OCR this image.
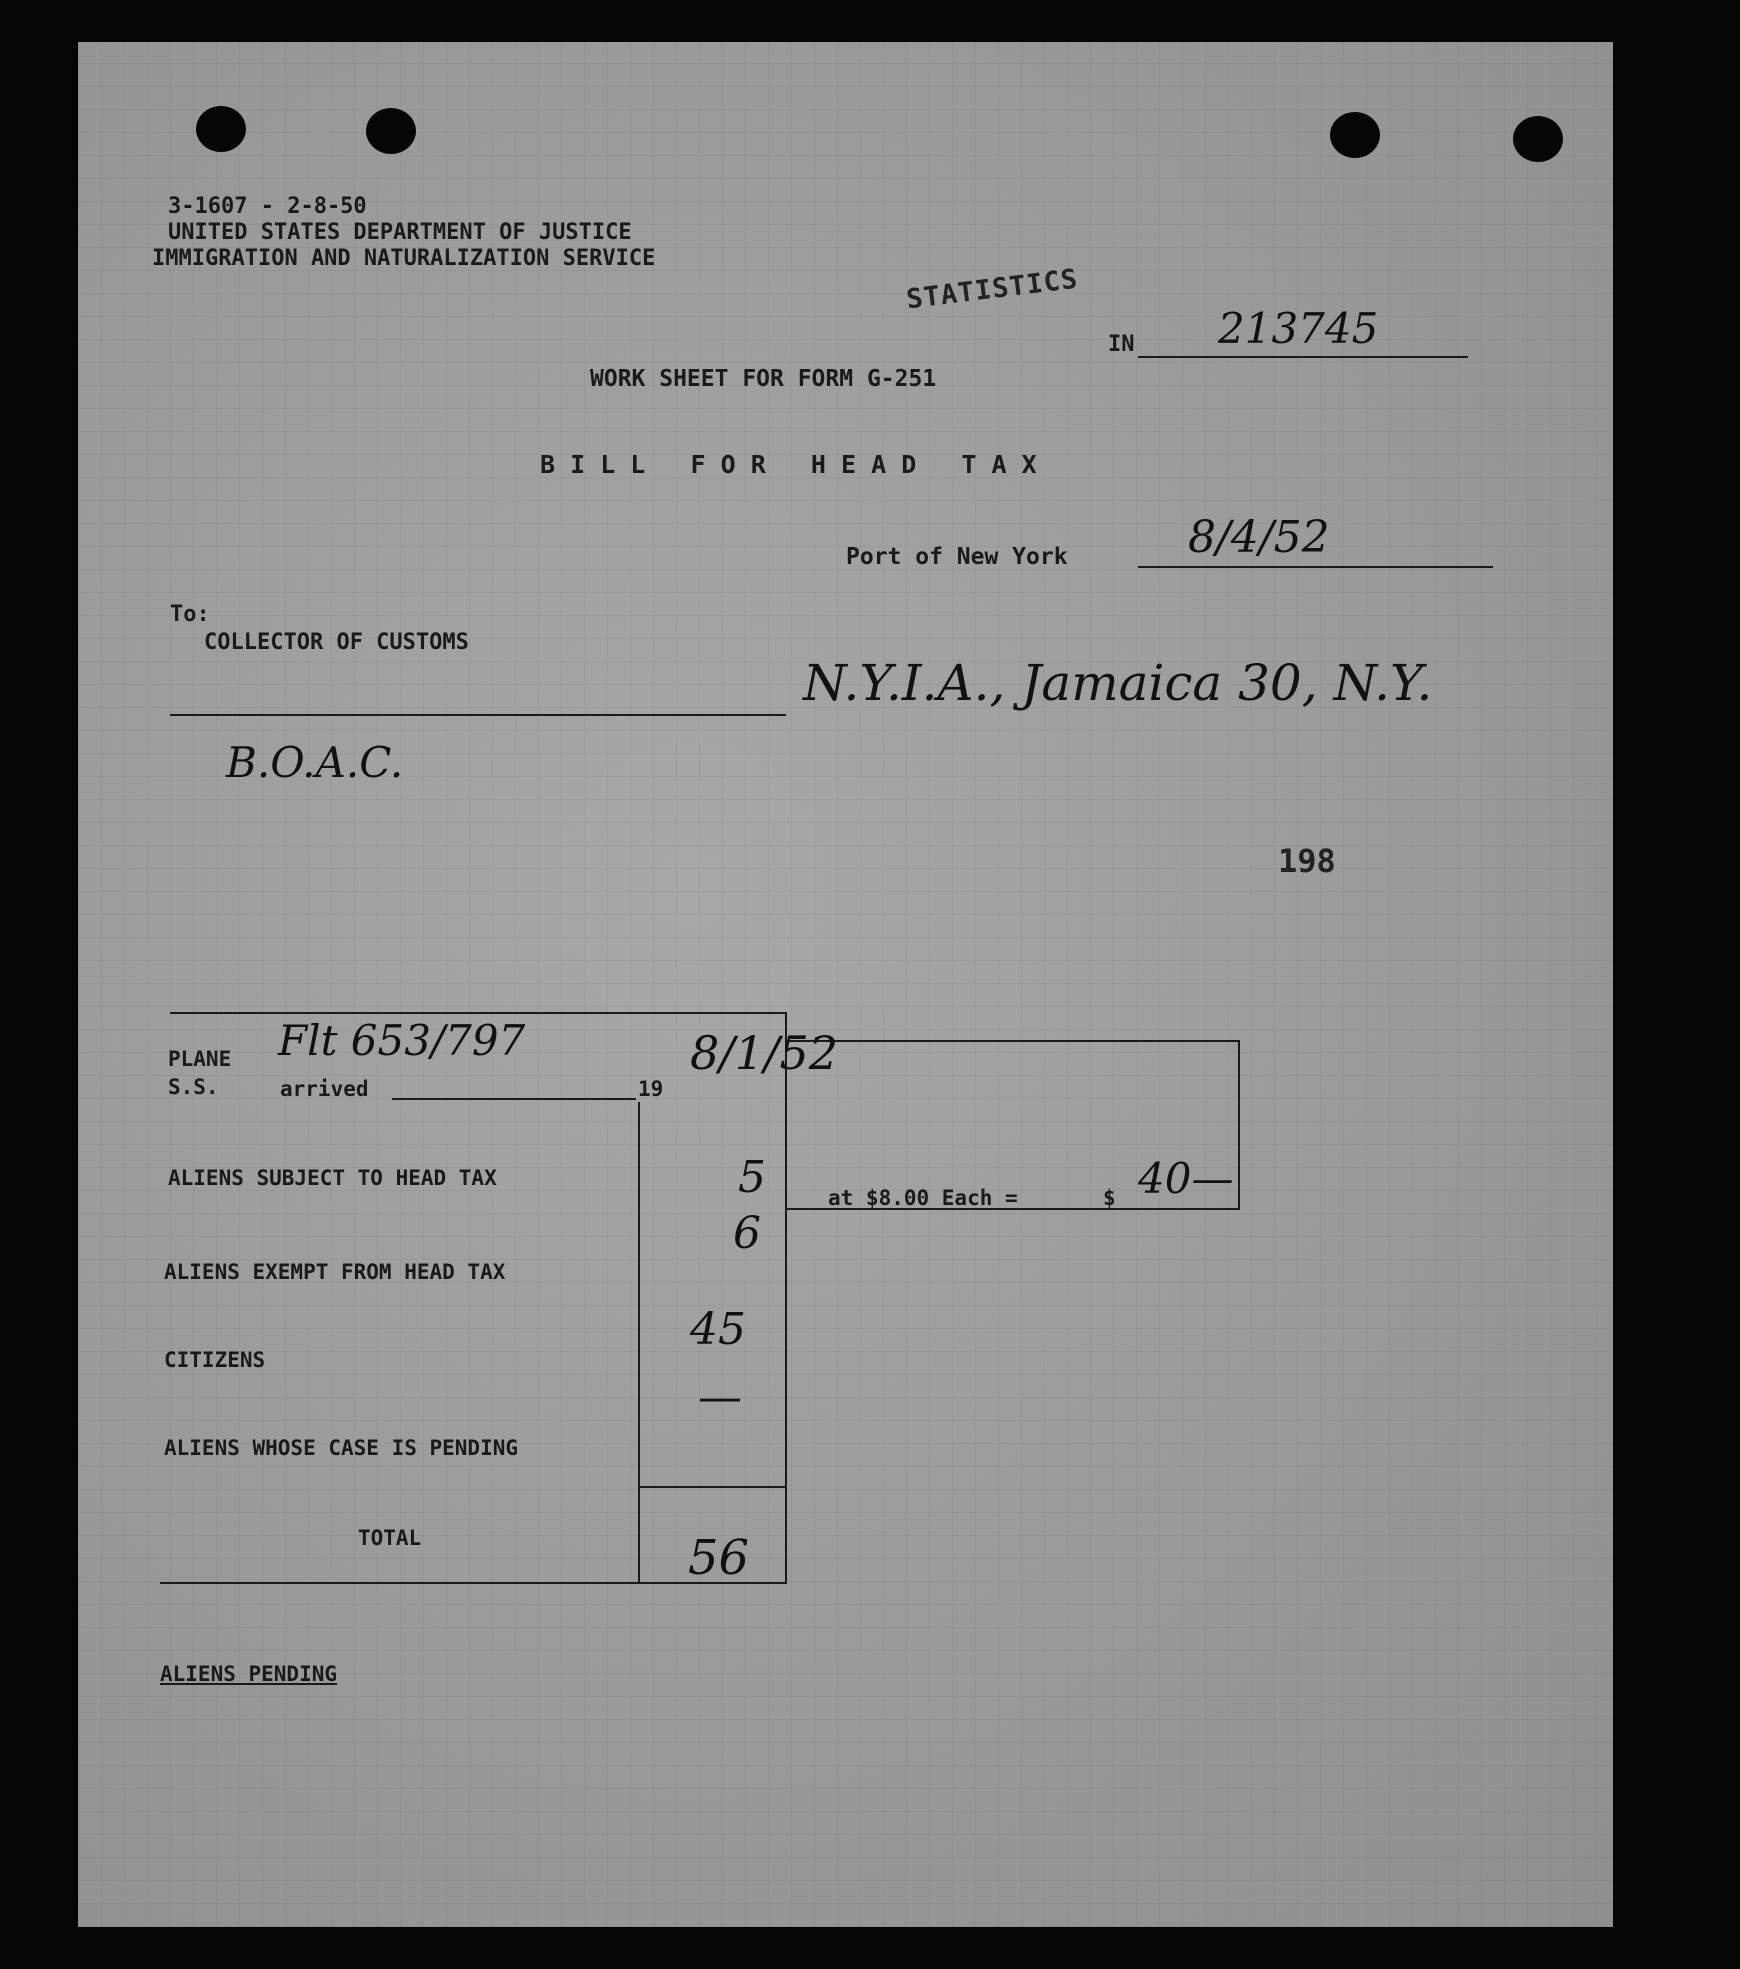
3-1607 - 2-8-50
UNITED STATES DEPARTMENT OF JUSTICE
IMMIGRATION AND NATURALIZATION SERVICE
STATISTICS
IN 213745
WORK SHEET FOR FORM G-251
B I L L   F O R   H E A D   T A X
Port of New York	8/4/52
To:
COLLECTOR OF CUSTOMS
N.Y.I.A., Jamaica 30, N.Y.
B.O.A.C.
198
PLANE
S.S.	arrived
Flt 653/797
19
8/1/52
ALIENS SUBJECT TO HEAD TAX	5
ALIENS EXEMPT FROM HEAD TAX
6
CITIZENS
45
ALIENS WHOSE CASE IS PENDING
—
TOTAL	56
at $8.00 Each =	$ 40—
ALIENS PENDING
